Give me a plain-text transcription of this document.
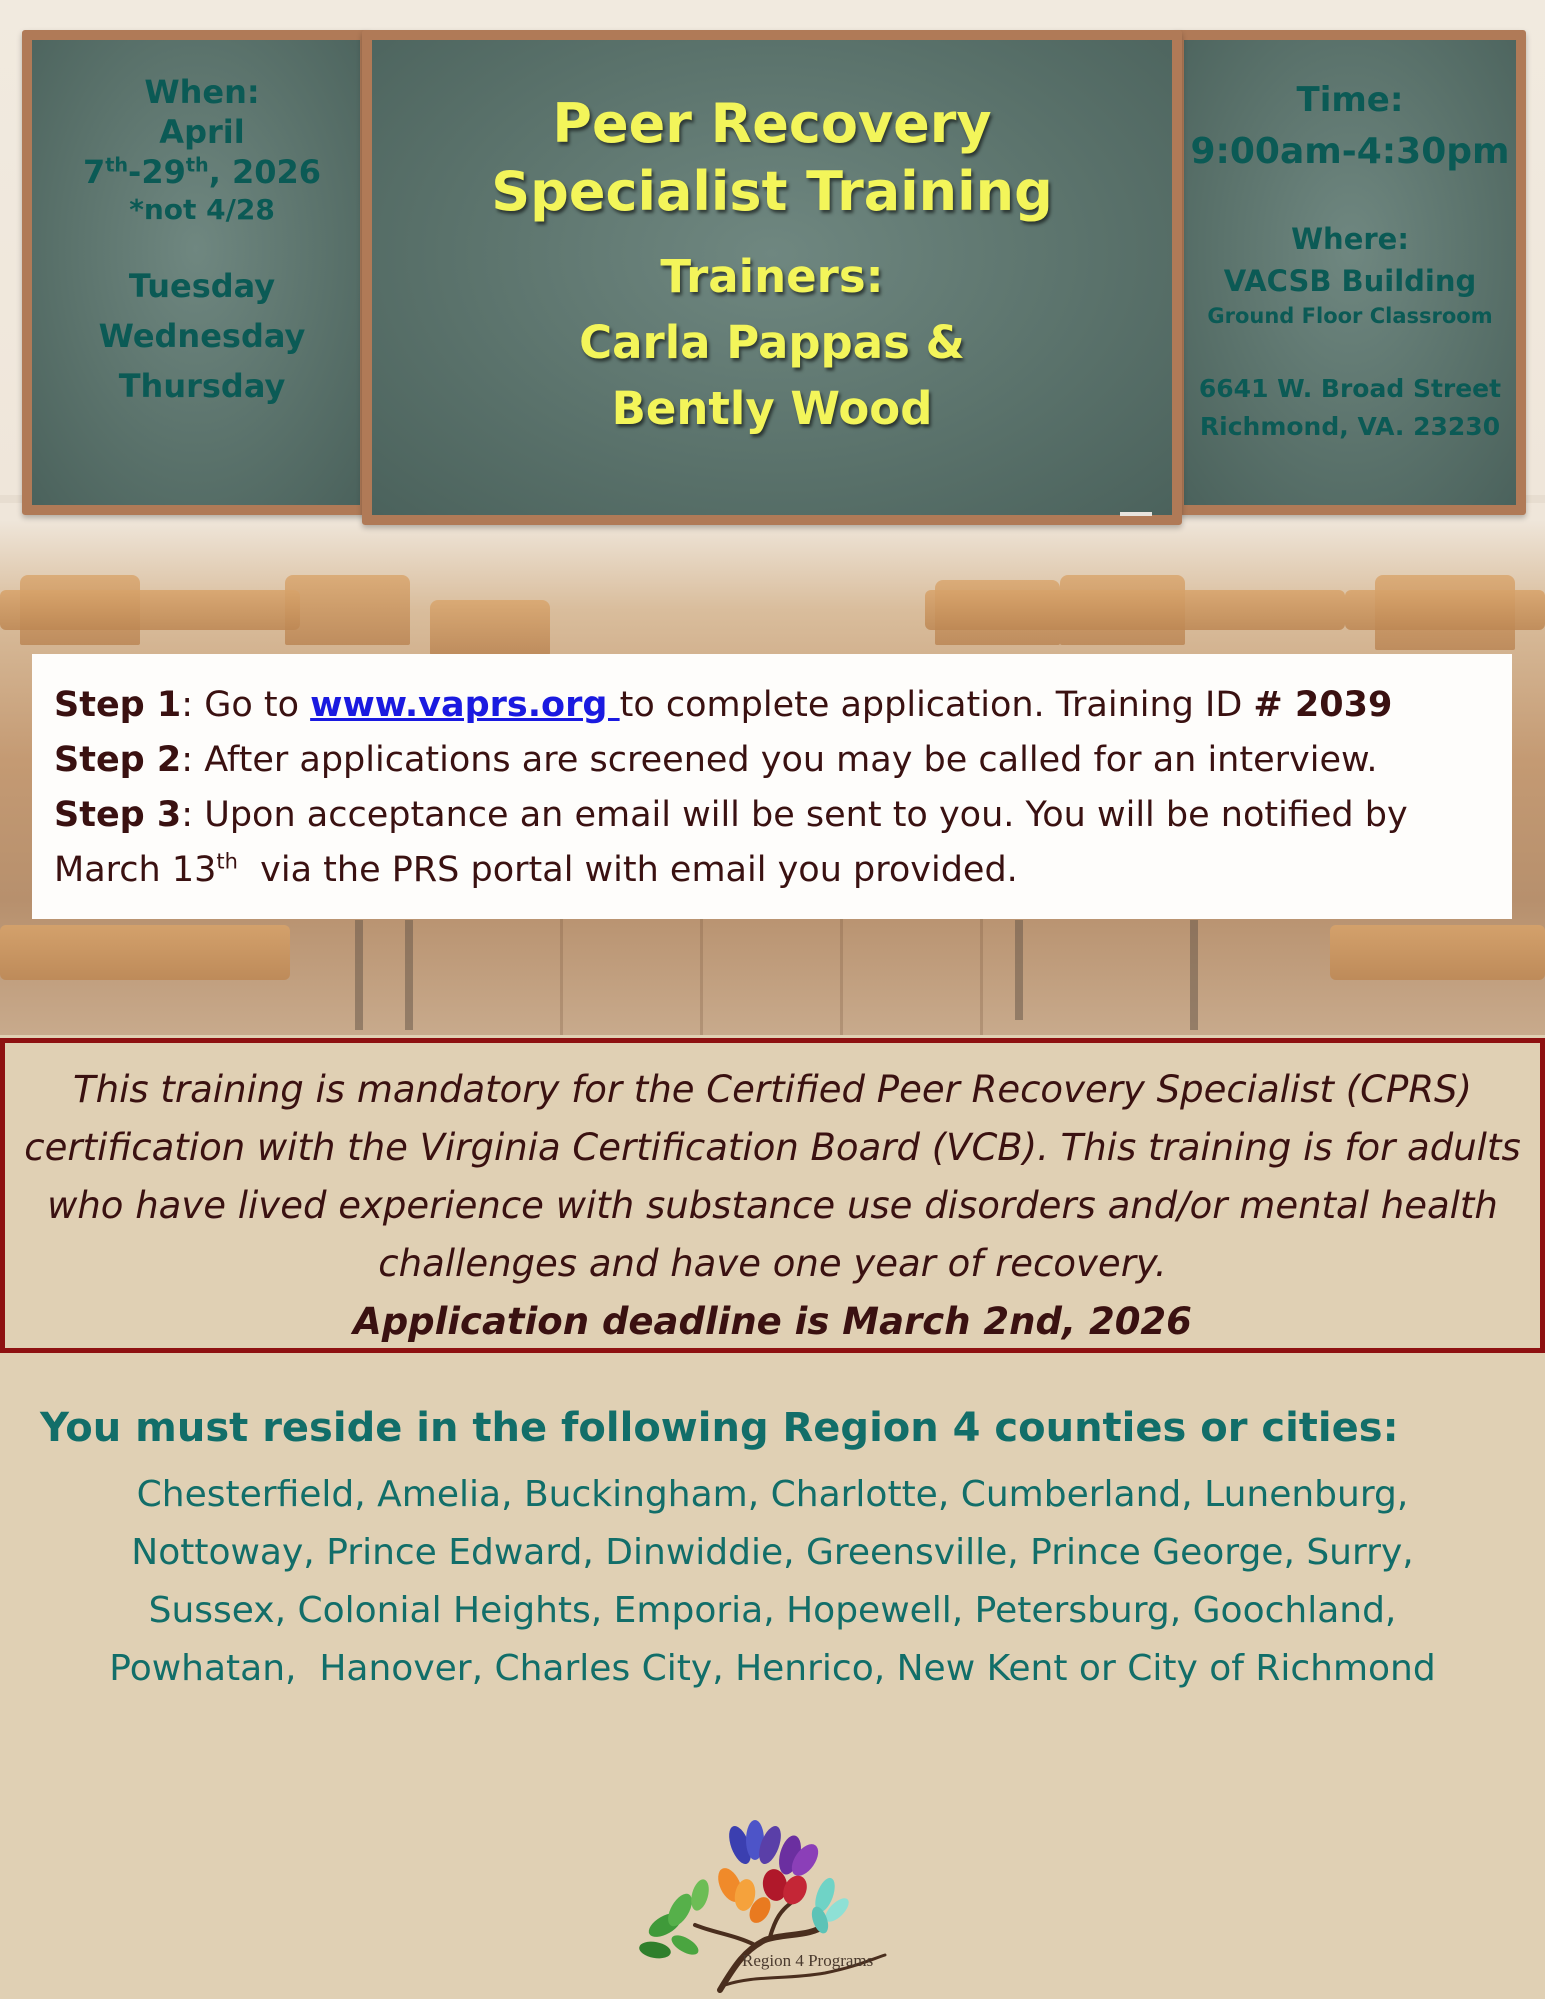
When:
April
7th-29th, 2026
*not 4/28
Tuesday
Wednesday
Thursday
Peer Recovery
Specialist Training
Trainers:
Carla Pappas &
Bently Wood
Time:
9:00am-4:30pm
Where:
VACSB Building
Ground Floor Classroom
6641 W. Broad Street
Richmond, VA. 23230
Step 1: Go to www.vaprs.org to complete application. Training ID # 2039
Step 2: After applications are screened you may be called for an interview.
Step 3: Upon acceptance an email will be sent to you. You will be notified by
March 13th  via the PRS portal with email you provided.
This training is mandatory for the Certified Peer Recovery Specialist (CPRS)
certification with the Virginia Certification Board (VCB). This training is for adults
who have lived experience with substance use disorders and/or mental health
challenges and have one year of recovery.
Application deadline is March 2nd, 2026
You must reside in the following Region 4 counties or cities:
Chesterfield, Amelia, Buckingham, Charlotte, Cumberland, Lunenburg,
Nottoway, Prince Edward, Dinwiddie, Greensville, Prince George, Surry,
Sussex, Colonial Heights, Emporia, Hopewell, Petersburg, Goochland,
Powhatan,  Hanover, Charles City, Henrico, New Kent or City of Richmond
Region 4 Programs
